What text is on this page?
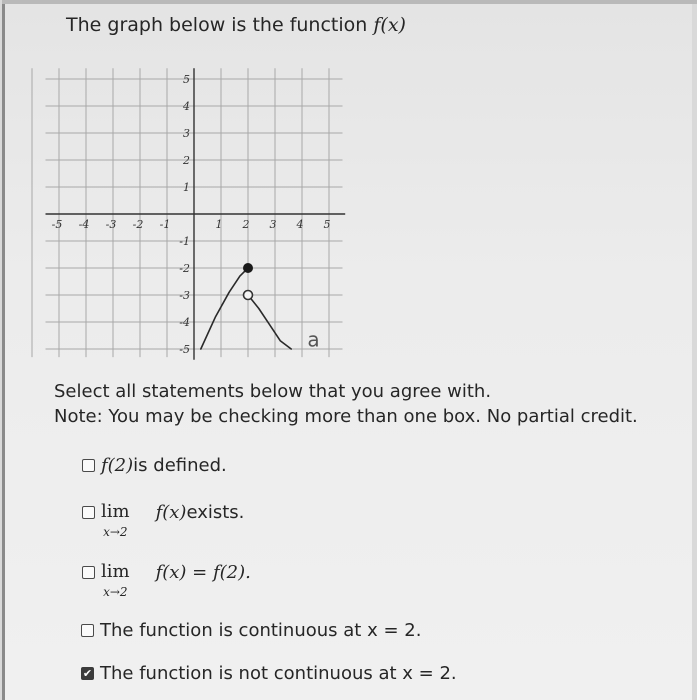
The graph below is the function f(x)
-5 -4 -3 -2 -1	1 2 3 4 5
5
4
3
2
1
-1
-2
-3
-4
-5	a
Select all statements below that you agree with.
Note: You may be checking more than one box. No partial credit.
f(2) is defined.
lim
x→2
f(x) exists.
lim
x→2
f(x) = f(2).
The function is continuous at x = 2.
✔ The function is not continuous at x = 2.
